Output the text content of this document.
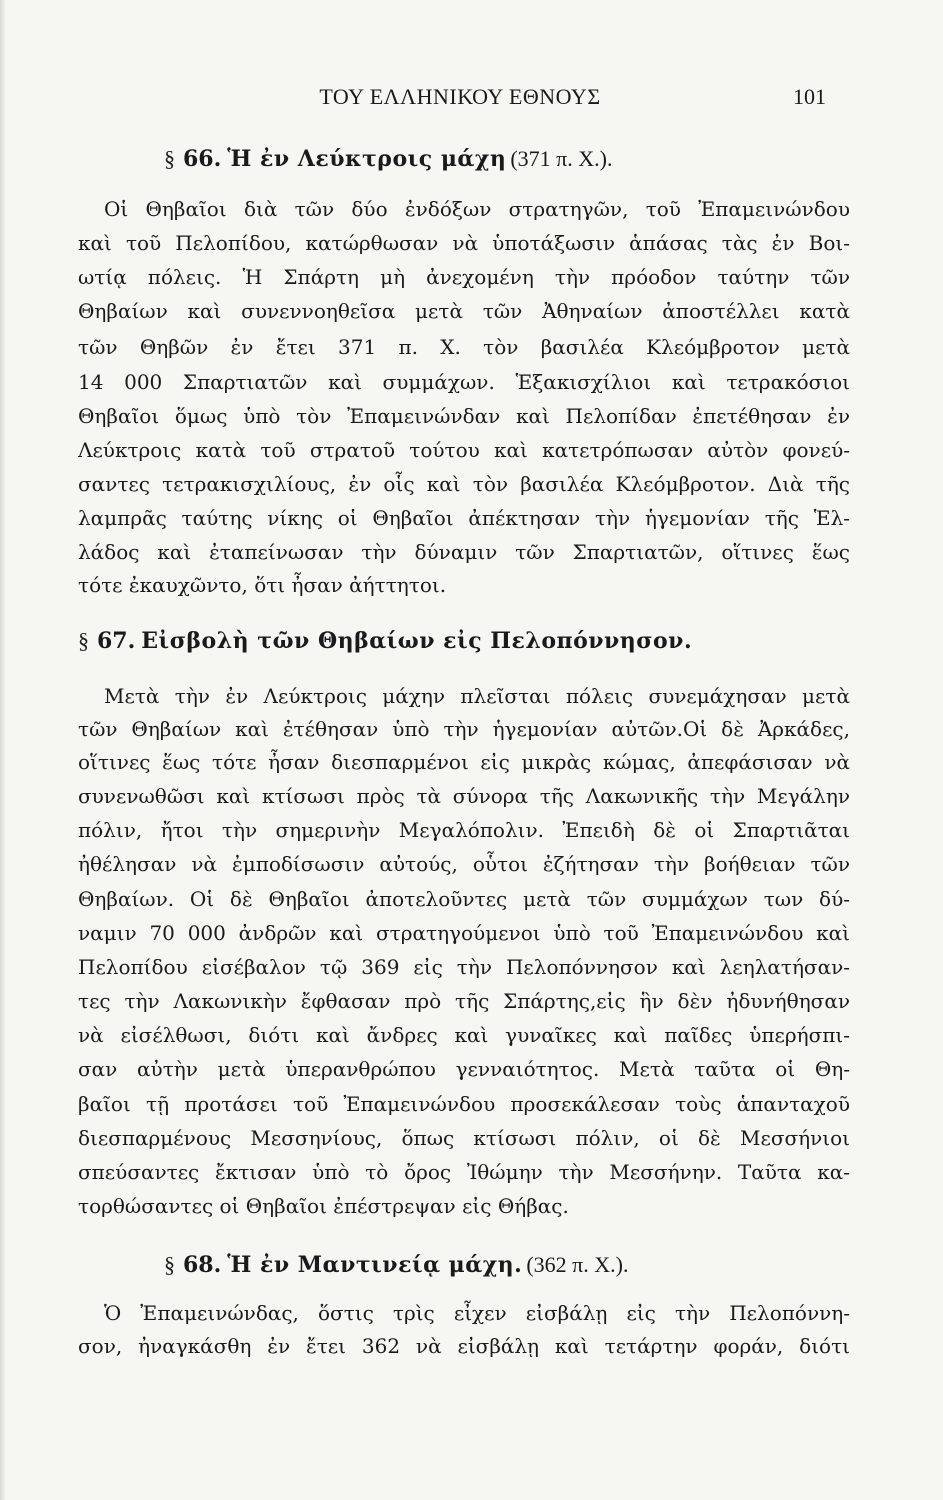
ΤΟΥ ΕΛΛΗΝΙΚΟΥ ΕΘΝΟΥΣ	101
§ 66. Ἡ ἐν Λεύκτροις μάχη (371 π. Χ.).
Οἱ Θηβαῖοι διὰ τῶν δύο ἐνδόξων στρατηγῶν, τοῦ Ἐπαμεινώνδου
καὶ τοῦ Πελοπίδου, κατώρθωσαν νὰ ὑποτάξωσιν ἁπάσας τὰς ἐν Βοι-
ωτίᾳ πόλεις. Ἡ Σπάρτη μὴ ἀνεχομένη τὴν πρόοδον ταύτην τῶν
Θηβαίων καὶ συνεννοηθεῖσα μετὰ τῶν Ἀθηναίων ἀποστέλλει κατὰ
τῶν Θηβῶν ἐν ἔτει 371 π. Χ. τὸν βασιλέα Κλεόμβροτον μετὰ
14 000 Σπαρτιατῶν καὶ συμμάχων. Ἑξακισχίλιοι καὶ τετρακόσιοι
Θηβαῖοι ὅμως ὑπὸ τὸν Ἐπαμεινώνδαν καὶ Πελοπίδαν ἐπετέθησαν ἐν
Λεύκτροις κατὰ τοῦ στρατοῦ τούτου καὶ κατετρόπωσαν αὐτὸν φονεύ-
σαντες τετρακισχιλίους, ἐν οἷς καὶ τὸν βασιλέα Κλεόμβροτον. Διὰ τῆς
λαμπρᾶς ταύτης νίκης οἱ Θηβαῖοι ἀπέκτησαν τὴν ἡγεμονίαν τῆς Ἑλ-
λάδος καὶ ἐταπείνωσαν τὴν δύναμιν τῶν Σπαρτιατῶν, οἵτινες ἕως
τότε ἐκαυχῶντο, ὅτι ἦσαν ἀήττητοι.
§ 67. Εἰσβολὴ τῶν Θηβαίων εἰς Πελοπόννησον.
Μετὰ τὴν ἐν Λεύκτροις μάχην πλεῖσται πόλεις συνεμάχησαν μετὰ
τῶν Θηβαίων καὶ ἐτέθησαν ὑπὸ τὴν ἡγεμονίαν αὐτῶν.Οἱ δὲ Ἀρκάδες,
οἵτινες ἕως τότε ἦσαν διεσπαρμένοι εἰς μικρὰς κώμας, ἀπεφάσισαν νὰ
συνενωθῶσι καὶ κτίσωσι πρὸς τὰ σύνορα τῆς Λακωνικῆς τὴν Μεγάλην
πόλιν, ἤτοι τὴν σημερινὴν Μεγαλόπολιν. Ἐπειδὴ δὲ οἱ Σπαρτιᾶται
ἠθέλησαν νὰ ἐμποδίσωσιν αὐτούς, οὗτοι ἐζήτησαν τὴν βοήθειαν τῶν
Θηβαίων. Οἱ δὲ Θηβαῖοι ἀποτελοῦντες μετὰ τῶν συμμάχων των δύ-
ναμιν 70 000 ἀνδρῶν καὶ στρατηγούμενοι ὑπὸ τοῦ Ἐπαμεινώνδου καὶ
Πελοπίδου εἰσέβαλον τῷ 369 εἰς τὴν Πελοπόννησον καὶ λεηλατήσαν-
τες τὴν Λακωνικὴν ἔφθασαν πρὸ τῆς Σπάρτης,εἰς ἣν δὲν ἠδυνήθησαν
νὰ εἰσέλθωσι, διότι καὶ ἄνδρες καὶ γυναῖκες καὶ παῖδες ὑπερήσπι-
σαν αὐτὴν μετὰ ὑπερανθρώπου γενναιότητος. Μετὰ ταῦτα οἱ Θη-
βαῖοι τῇ προτάσει τοῦ Ἐπαμεινώνδου προσεκάλεσαν τοὺς ἁπανταχοῦ
διεσπαρμένους Μεσσηνίους, ὅπως κτίσωσι πόλιν, οἱ δὲ Μεσσήνιοι
σπεύσαντες ἔκτισαν ὑπὸ τὸ ὄρος Ἰθώμην τὴν Μεσσήνην. Ταῦτα κα-
τορθώσαντες οἱ Θηβαῖοι ἐπέστρεψαν εἰς Θήβας.
§ 68. Ἡ ἐν Μαντινείᾳ μάχη. (362 π. Χ.).
Ὁ Ἐπαμεινώνδας, ὅστις τρὶς εἶχεν εἰσβάλῃ εἰς τὴν Πελοπόννη-
σον, ἠναγκάσθη ἐν ἔτει 362 νὰ εἰσβάλῃ καὶ τετάρτην φοράν, διότι
